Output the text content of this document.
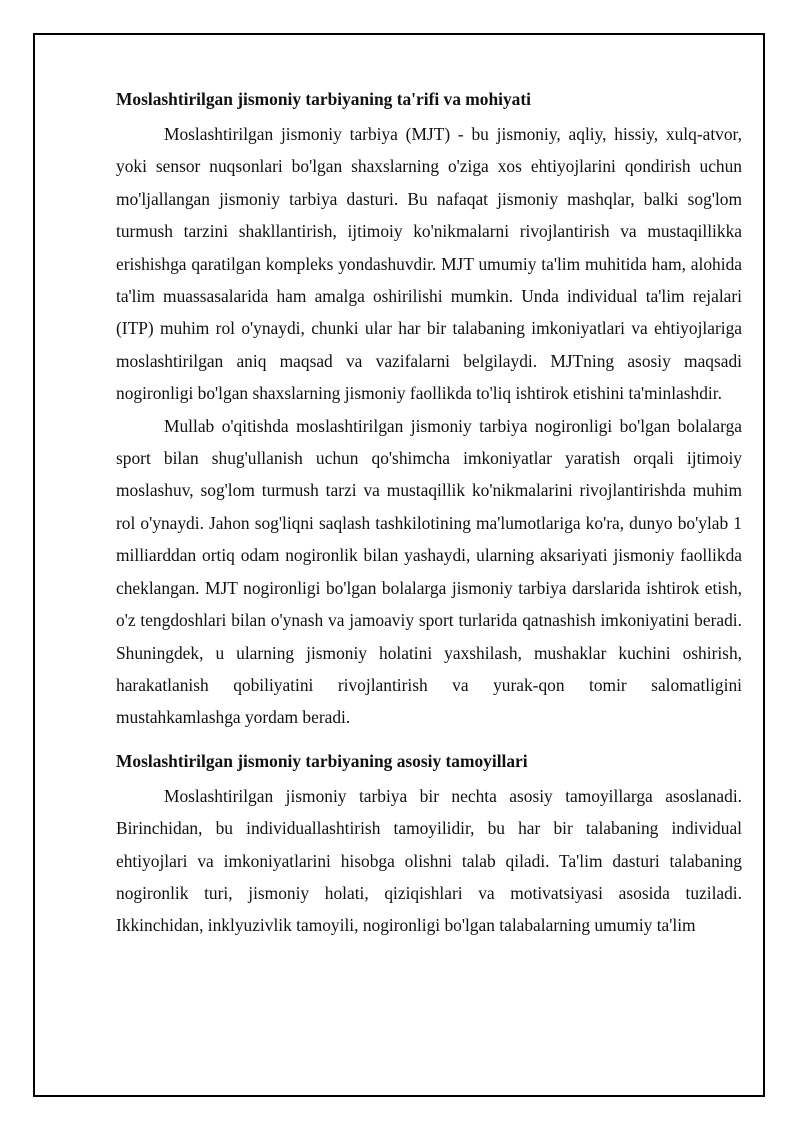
Moslashtirilgan jismoniy tarbiyaning ta'rifi va mohiyati

Moslashtirilgan jismoniy tarbiya (MJT) - bu jismoniy, aqliy, hissiy, xulq-atvor, yoki sensor nuqsonlari bo'lgan shaxslarning o'ziga xos ehtiyojlarini qondirish uchun mo'ljallangan jismoniy tarbiya dasturi. Bu nafaqat jismoniy mashqlar, balki sog'lom turmush tarzini shakllantirish, ijtimoiy ko'nikmalarni rivojlantirish va mustaqillikka erishishga qaratilgan kompleks yondashuvdir. MJT umumiy ta'lim muhitida ham, alohida ta'lim muassasalarida ham amalga oshirilishi mumkin. Unda individual ta'lim rejalari (ITP) muhim rol o'ynaydi, chunki ular har bir talabaning imkoniyatlari va ehtiyojlariga moslashtirilgan aniq maqsad va vazifalarni belgilaydi. MJTning asosiy maqsadi nogironligi bo'lgan shaxslarning jismoniy faollikda to'liq ishtirok etishini ta'minlashdir.

Mullab o'qitishda moslashtirilgan jismoniy tarbiya nogironligi bo'lgan bolalarga sport bilan shug'ullanish uchun qo'shimcha imkoniyatlar yaratish orqali ijtimoiy moslashuv, sog'lom turmush tarzi va mustaqillik ko'nikmalarini rivojlantirishda muhim rol o'ynaydi. Jahon sog'liqni saqlash tashkilotining ma'lumotlariga ko'ra, dunyo bo'ylab 1 milliarddan ortiq odam nogironlik bilan yashaydi, ularning aksariyati jismoniy faollikda cheklangan. MJT nogironligi bo'lgan bolalarga jismoniy tarbiya darslarida ishtirok etish, o'z tengdoshlari bilan o'ynash va jamoaviy sport turlarida qatnashish imkoniyatini beradi. Shuningdek, u ularning jismoniy holatini yaxshilash, mushaklar kuchini oshirish, harakatlanish qobiliyatini rivojlantirish va yurak-qon tomir salomatligini mustahkamlashga yordam beradi.

Moslashtirilgan jismoniy tarbiyaning asosiy tamoyillari

Moslashtirilgan jismoniy tarbiya bir nechta asosiy tamoyillarga asoslanadi. Birinchidan, bu individuallashtirish tamoyilidir, bu har bir talabaning individual ehtiyojlari va imkoniyatlarini hisobga olishni talab qiladi. Ta'lim dasturi talabaning nogironlik turi, jismoniy holati, qiziqishlari va motivatsiyasi asosida tuziladi. Ikkinchidan, inklyuzivlik tamoyili, nogironligi bo'lgan talabalarning umumiy ta'lim
